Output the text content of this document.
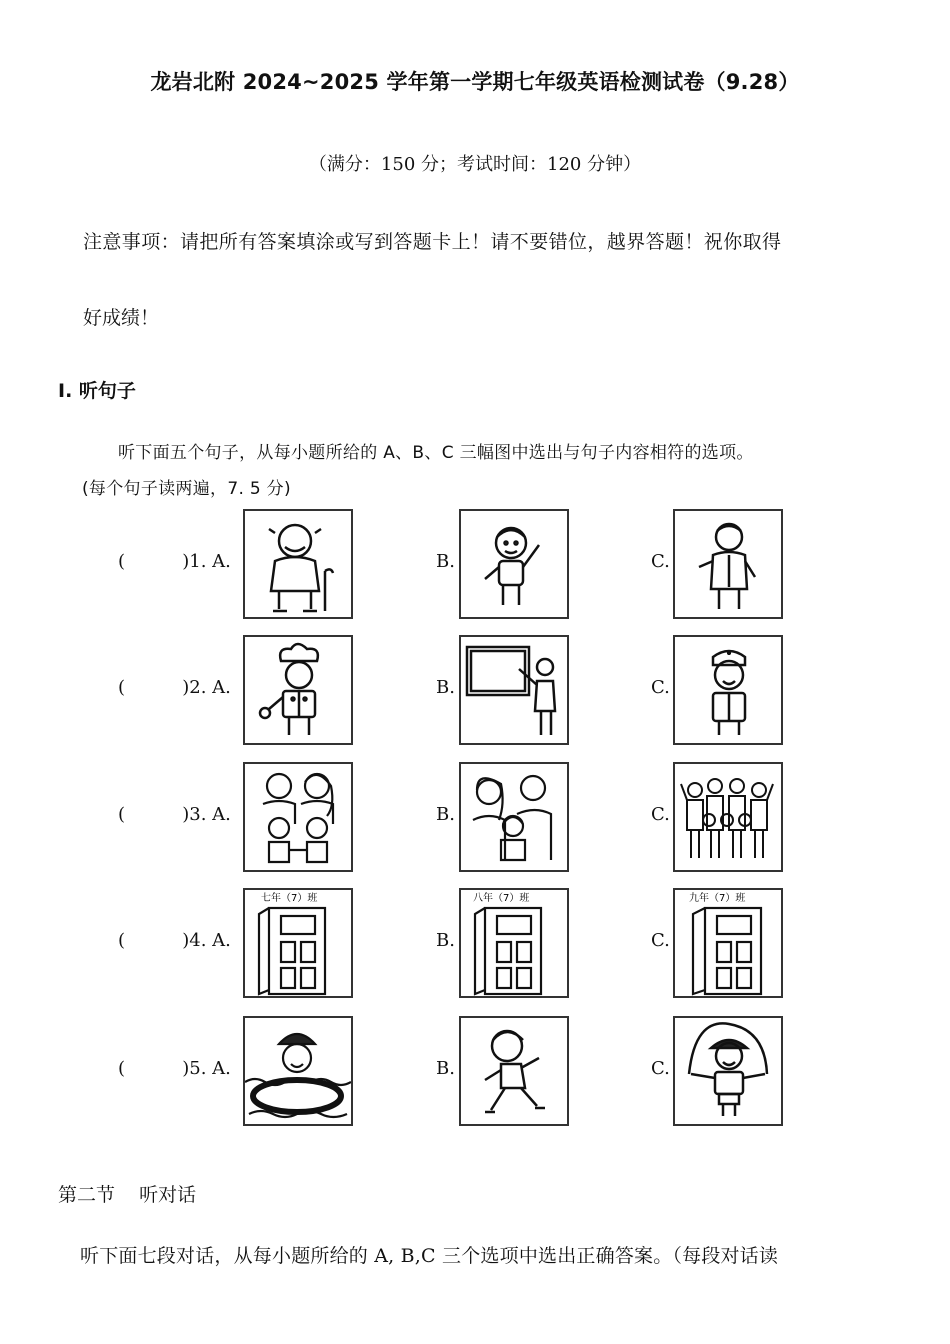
龙岩北附 2024~2025 学年第一学期七年级英语检测试卷（9.28）
（满分：150 分；考试时间：120 分钟）
注意事项：请把所有答案填涂或写到答题卡上！请不要错位，越界答题！祝你取得
好成绩！
I. 听句子
听下面五个句子，从每小题所给的 A、B、C 三幅图中选出与句子内容相符的选项。
(每个句子读两遍，7. 5 分)
(          )1. A.	B.	C.
(          )2. A.	B.	C.
(          )3. A.	B.	C.
(          )4. A.
七年（7）班
B.
八年（7）班
C.
九年（7）班
(          )5. A.	B.	C.
第二节    听对话
听下面七段对话，从每小题所给的 A, B,C 三个选项中选出正确答案。（每段对话读
